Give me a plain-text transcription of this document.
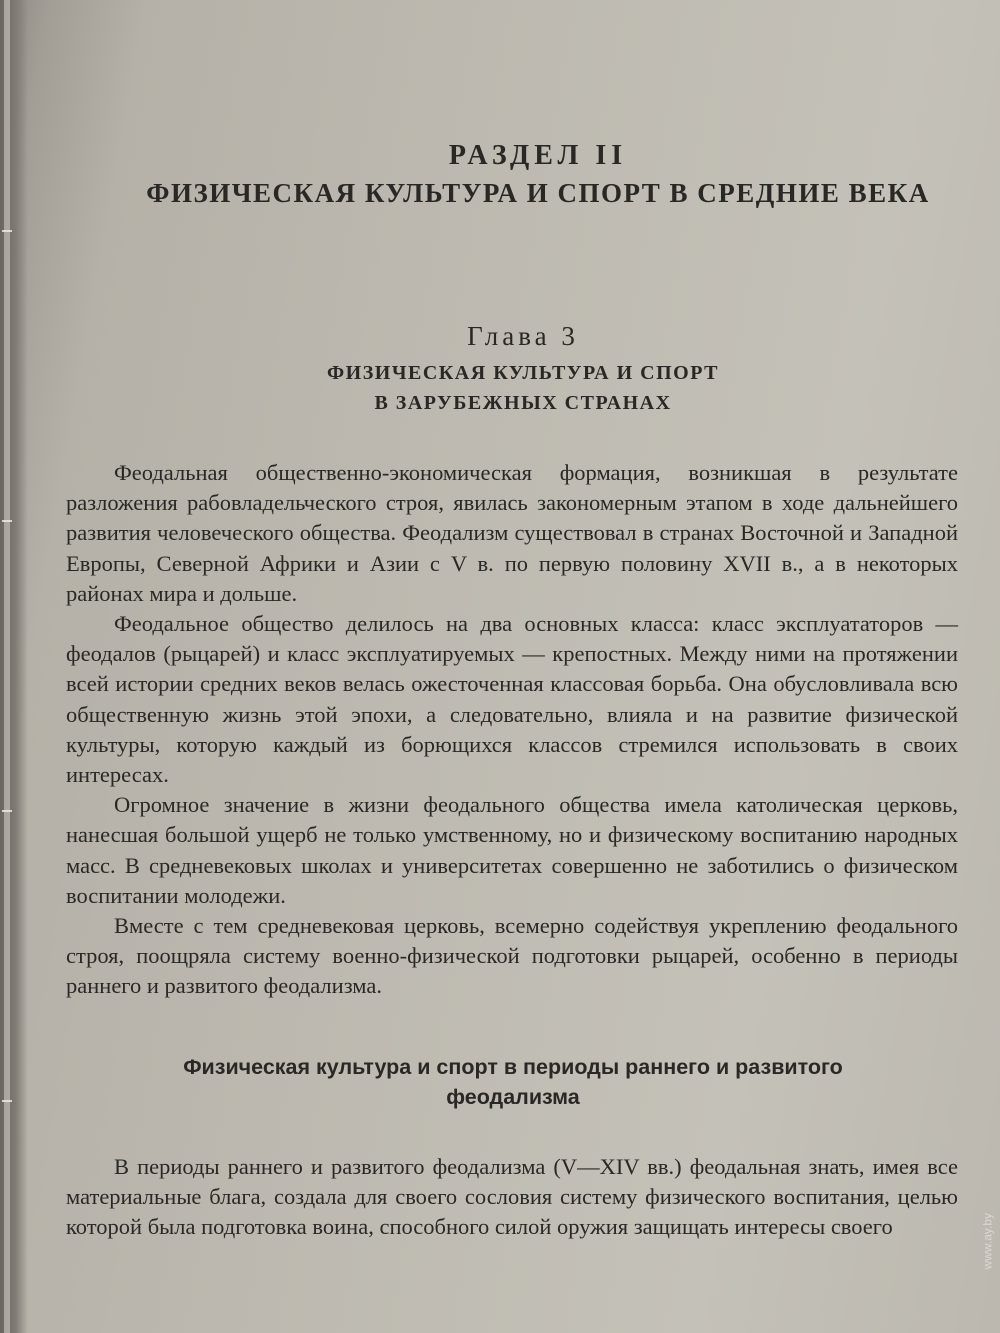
РАЗДЕЛ II
ФИЗИЧЕСКАЯ КУЛЬТУРА И СПОРТ В СРЕДНИЕ ВЕКА
Глава 3
ФИЗИЧЕСКАЯ КУЛЬТУРА И СПОРТ
В ЗАРУБЕЖНЫХ СТРАНАХ

Феодальная общественно-экономическая формация, возникшая в результате разложения рабовладельческого строя, явилась закономерным этапом в ходе дальнейшего развития человеческого общества. Феодализм существовал в странах Восточной и Западной Европы, Северной Африки и Азии с V в. по первую половину XVII в., а в некоторых районах мира и дольше.

Феодальное общество делилось на два основных класса: класс эксплуататоров — феодалов (рыцарей) и класс эксплуатируемых — крепостных. Между ними на протяжении всей истории средних веков велась ожесточенная классовая борьба. Она обусловливала всю общественную жизнь этой эпохи, а следовательно, влияла и на развитие физической культуры, которую каждый из борющихся классов стремился использовать в своих интересах.

Огромное значение в жизни феодального общества имела католическая церковь, нанесшая большой ущерб не только умственному, но и физическому воспитанию народных масс. В средневековых школах и университетах совершенно не заботились о физическом воспитании молодежи.

Вместе с тем средневековая церковь, всемерно содействуя укреплению феодального строя, поощряла систему военно-физической подготовки рыцарей, особенно в периоды раннего и развитого феодализма.

Физическая культура и спорт в периоды раннего и развитого
феодализма

В периоды раннего и развитого феодализма (V—XIV вв.) феодальная знать, имея все материальные блага, создала для своего сословия систему физического воспитания, целью которой была подготовка воина, способного силой оружия защищать интересы своего	www.ay.by
